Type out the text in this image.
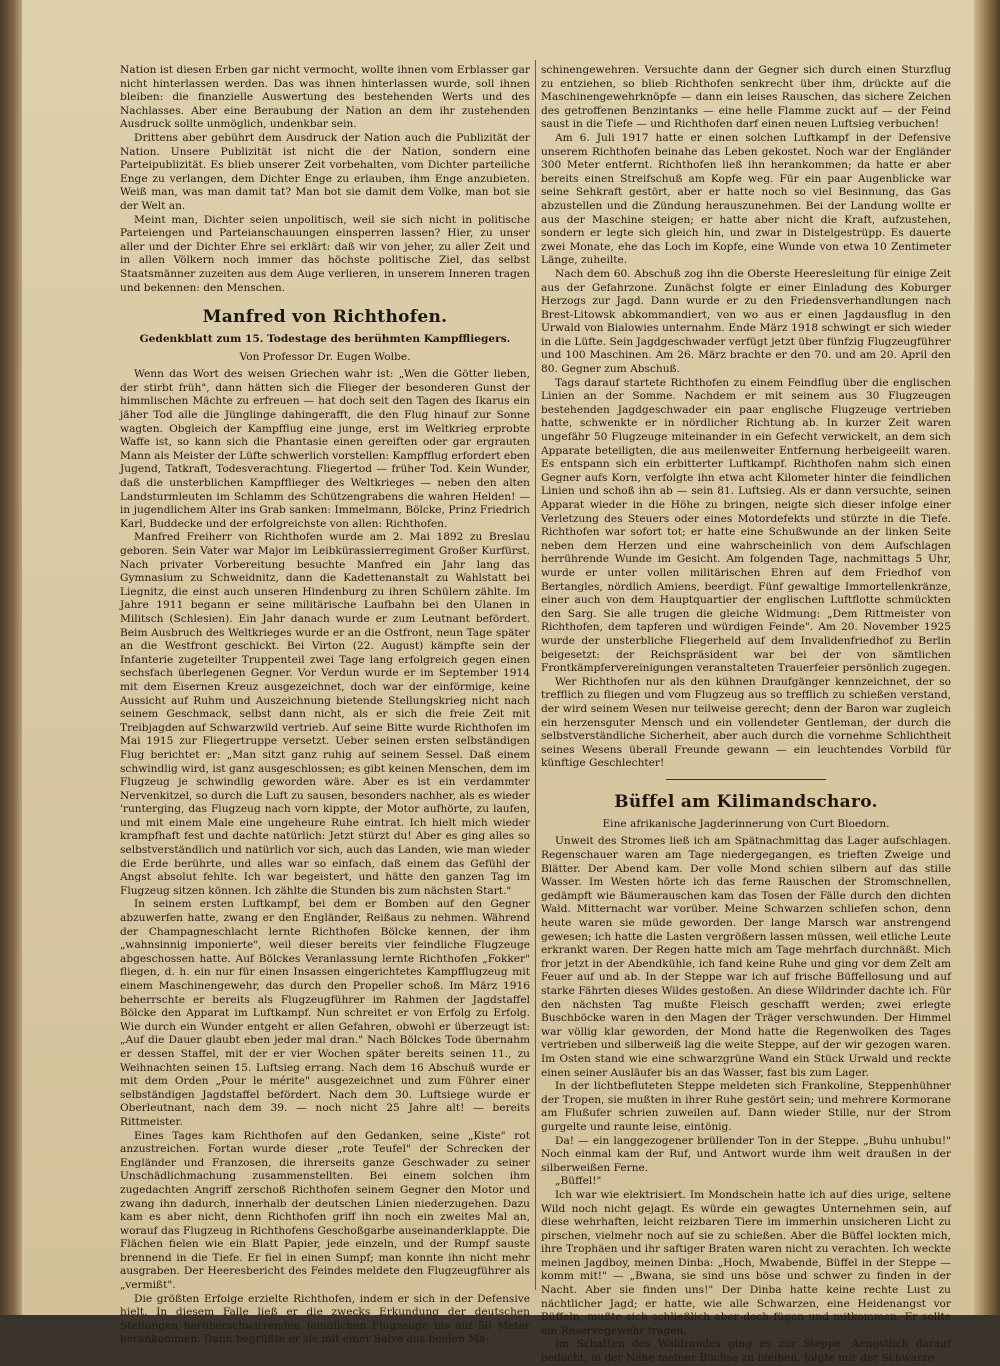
Nation ist diesen Erben gar nicht vermocht, wollte ihnen vom Erblasser gar nicht hinterlassen werden. Das was ihnen hinterlassen wurde, soll ihnen bleiben: die finanzielle Auswertung des bestehenden Werts und des Nachlasses. Aber eine Beraubung der Nation an dem ihr zustehenden Ausdruck sollte unmöglich, undenkbar sein.

Drittens aber gebührt dem Ausdruck der Nation auch die Publizität der Nation. Unsere Publizität ist nicht die der Nation, sondern eine Parteipublizität. Es blieb unserer Zeit vorbehalten, vom Dichter parteiliche Enge zu verlangen, dem Dichter Enge zu erlauben, ihm Enge anzubieten. Weiß man, was man damit tat? Man bot sie damit dem Volke, man bot sie der Welt an.

Meint man, Dichter seien unpolitisch, weil sie sich nicht in politische Parteiengen und Parteianschauungen einsperren lassen? Hier, zu unser aller und der Dichter Ehre sei erklärt: daß wir von jeher, zu aller Zeit und in allen Völkern noch immer das höchste politische Ziel, das selbst Staatsmänner zuzeiten aus dem Auge verlieren, in unserem Inneren tragen und bekennen: den Menschen.

Manfred von Richthofen.

Gedenkblatt zum 15. Todestage des berühmten Kampffliegers.

Von Professor Dr. Eugen Wolbe.

Wenn das Wort des weisen Griechen wahr ist: „Wen die Götter lieben, der stirbt früh", dann hätten sich die Flieger der besonderen Gunst der himmlischen Mächte zu erfreuen — hat doch seit den Tagen des Ikarus ein jäher Tod alle die Jünglinge dahingerafft, die den Flug hinauf zur Sonne wagten. Obgleich der Kampfflug eine junge, erst im Weltkrieg erprobte Waffe ist, so kann sich die Phantasie einen gereiften oder gar ergrauten Mann als Meister der Lüfte schwerlich vorstellen: Kampfflug erfordert eben Jugend, Tatkraft, Todesverachtung. Fliegertod — früher Tod. Kein Wunder, daß die unsterblichen Kampfflieger des Weltkrieges — neben den alten Landsturmleuten im Schlamm des Schützengrabens die wahren Helden! — in jugendlichem Alter ins Grab sanken: Immelmann, Bölcke, Prinz Friedrich Karl, Buddecke und der erfolgreichste von allen: Richthofen.

Manfred Freiherr von Richthofen wurde am 2. Mai 1892 zu Breslau geboren. Sein Vater war Major im Leibkürassierregiment Großer Kurfürst. Nach privater Vorbereitung besuchte Manfred ein Jahr lang das Gymnasium zu Schweidnitz, dann die Kadettenanstalt zu Wahlstatt bei Liegnitz, die einst auch unseren Hindenburg zu ihren Schülern zählte. Im Jahre 1911 begann er seine militärische Laufbahn bei den Ulanen in Militsch (Schlesien). Ein Jahr danach wurde er zum Leutnant befördert. Beim Ausbruch des Weltkrieges wurde er an die Ostfront, neun Tage später an die Westfront geschickt. Bei Virton (22. August) kämpfte sein der Infanterie zugeteilter Truppenteil zwei Tage lang erfolgreich gegen einen sechsfach überlegenen Gegner. Vor Verdun wurde er im September 1914 mit dem Eisernen Kreuz ausgezeichnet, doch war der einförmige, keine Aussicht auf Ruhm und Auszeichnung bietende Stellungskrieg nicht nach seinem Geschmack, selbst dann nicht, als er sich die freie Zeit mit Treibjagden auf Schwarzwild vertrieb. Auf seine Bitte wurde Richthofen im Mai 1915 zur Fliegertruppe versetzt. Ueber seinen ersten selbständigen Flug berichtet er: „Man sitzt ganz ruhig auf seinem Sessel. Daß einem schwindlig wird, ist ganz ausgeschlossen; es gibt keinen Menschen, dem im Flugzeug je schwindlig geworden wäre. Aber es ist ein verdammter Nervenkitzel, so durch die Luft zu sausen, besonders nachher, als es wieder 'runterging, das Flugzeug nach vorn kippte, der Motor aufhörte, zu laufen, und mit einem Male eine ungeheure Ruhe eintrat. Ich hielt mich wieder krampfhaft fest und dachte natürlich: Jetzt stürzt du! Aber es ging alles so selbstverständlich und natürlich vor sich, auch das Landen, wie man wieder die Erde berührte, und alles war so einfach, daß einem das Gefühl der Angst absolut fehlte. Ich war begeistert, und hätte den ganzen Tag im Flugzeug sitzen können. Ich zählte die Stunden bis zum nächsten Start."

In seinem ersten Luftkampf, bei dem er Bomben auf den Gegner abzuwerfen hatte, zwang er den Engländer, Reißaus zu nehmen. Während der Champagneschlacht lernte Richthofen Bölcke kennen, der ihm „wahnsinnig imponierte", weil dieser bereits vier feindliche Flugzeuge abgeschossen hatte. Auf Bölckes Veranlassung lernte Richthofen „Fokker" fliegen, d. h. ein nur für einen Insassen eingerichtetes Kampfflugzeug mit einem Maschinengewehr, das durch den Propeller schoß. Im März 1916 beherrschte er bereits als Flugzeugführer im Rahmen der Jagdstaffel Bölcke den Apparat im Luftkampf. Nun schreitet er von Erfolg zu Erfolg. Wie durch ein Wunder entgeht er allen Gefahren, obwohl er überzeugt ist: „Auf die Dauer glaubt eben jeder mal dran." Nach Bölckes Tode übernahm er dessen Staffel, mit der er vier Wochen später bereits seinen 11., zu Weihnachten seinen 15. Luftsieg errang. Nach dem 16 Abschuß wurde er mit dem Orden „Pour le mérite" ausgezeichnet und zum Führer einer selbständigen Jagdstaffel befördert. Nach dem 30. Luftsiege wurde er Oberleutnant, nach dem 39. — noch nicht 25 Jahre alt! — bereits Rittmeister.

Eines Tages kam Richthofen auf den Gedanken, seine „Kiste" rot anzustreichen. Fortan wurde dieser „rote Teufel" der Schrecken der Engländer und Franzosen, die ihrerseits ganze Geschwader zu seiner Unschädlichmachung zusammenstellten. Bei einem solchen ihm zugedachten Angriff zerschoß Richthofen seinem Gegner den Motor und zwang ihn dadurch, innerhalb der deutschen Linien niederzugehen. Dazu kam es aber nicht, denn Richthofen griff ihn noch ein zweites Mal an, worauf das Flugzeug in Richthofens Geschoßgarbe auseinanderklappte. Die Flächen fielen wie ein Blatt Papier, jede einzeln, und der Rumpf sauste brennend in die Tiefe. Er fiel in einen Sumpf; man konnte ihn nicht mehr ausgraben. Der Heeresbericht des Feindes meldete den Flugzeugführer als „vermißt".

Die größten Erfolge erzielte Richthofen, indem er sich in der Defensive hielt. In diesem Falle ließ er die zwecks Erkundung der deutschen Stellungen herüberschwirrenden feindlichen Flugzeuge bis auf 50 Meter herankommen. Dann begrüßte er sie mit einer Salve aus beiden Ma-

schinengewehren. Versuchte dann der Gegner sich durch einen Sturzflug zu entziehen, so blieb Richthofen senkrecht über ihm, drückte auf die Maschinengewehrknöpfe — dann ein leises Rauschen, das sichere Zeichen des getroffenen Benzintanks — eine helle Flamme zuckt auf — der Feind saust in die Tiefe — und Richthofen darf einen neuen Luftsieg verbuchen!

Am 6. Juli 1917 hatte er einen solchen Luftkampf in der Defensive unserem Richthofen beinahe das Leben gekostet. Noch war der Engländer 300 Meter entfernt. Richthofen ließ ihn herankommen; da hatte er aber bereits einen Streifschuß am Kopfe weg. Für ein paar Augenblicke war seine Sehkraft gestört, aber er hatte noch so viel Besinnung, das Gas abzustellen und die Zündung herauszunehmen. Bei der Landung wollte er aus der Maschine steigen; er hatte aber nicht die Kraft, aufzustehen, sondern er legte sich gleich hin, und zwar in Distelgestrüpp. Es dauerte zwei Monate, ehe das Loch im Kopfe, eine Wunde von etwa 10 Zentimeter Länge, zuheilte.

Nach dem 60. Abschuß zog ihn die Oberste Heeresleitung für einige Zeit aus der Gefahrzone. Zunächst folgte er einer Einladung des Koburger Herzogs zur Jagd. Dann wurde er zu den Friedensverhandlungen nach Brest-Litowsk abkommandiert, von wo aus er einen Jagdausflug in den Urwald von Bialowies unternahm. Ende März 1918 schwingt er sich wieder in die Lüfte. Sein Jagdgeschwader verfügt jetzt über fünfzig Flugzeugführer und 100 Maschinen. Am 26. März brachte er den 70. und am 20. April den 80. Gegner zum Abschuß.

Tags darauf startete Richthofen zu einem Feindflug über die englischen Linien an der Somme. Nachdem er mit seinem aus 30 Flugzeugen bestehenden Jagdgeschwader ein paar englische Flugzeuge vertrieben hatte, schwenkte er in nördlicher Richtung ab. In kurzer Zeit waren ungefähr 50 Flugzeuge miteinander in ein Gefecht verwickelt, an dem sich Apparate beteiligten, die aus meilenweiter Entfernung herbeigeeilt waren. Es entspann sich ein erbitterter Luftkampf. Richthofen nahm sich einen Gegner aufs Korn, verfolgte ihn etwa acht Kilometer hinter die feindlichen Linien und schoß ihn ab — sein 81. Luftsieg. Als er dann versuchte, seinen Apparat wieder in die Höhe zu bringen, neigte sich dieser infolge einer Verletzung des Steuers oder eines Motordefekts und stürzte in die Tiefe. Richthofen war sofort tot; er hatte eine Schußwunde an der linken Seite neben dem Herzen und eine wahrscheinlich von dem Aufschlagen herrührende Wunde im Gesicht. Am folgenden Tage, nachmittags 5 Uhr, wurde er unter vollen militärischen Ehren auf dem Friedhof von Bertangles, nördlich Amiens, beerdigt. Fünf gewaltige Immortellenkränze, einer auch von dem Hauptquartier der englischen Luftflotte schmückten den Sarg. Sie alle trugen die gleiche Widmung: „Dem Rittmeister von Richthofen, dem tapferen und würdigen Feinde". Am 20. November 1925 wurde der unsterbliche Fliegerheld auf dem Invalidenfriedhof zu Berlin beigesetzt: der Reichspräsident war bei der von sämtlichen Frontkämpfervereinigungen veranstalteten Trauerfeier persönlich zugegen.

Wer Richthofen nur als den kühnen Draufgänger kennzeichnet, der so trefflich zu fliegen und vom Flugzeug aus so trefflich zu schießen verstand, der wird seinem Wesen nur teilweise gerecht; denn der Baron war zugleich ein herzensguter Mensch und ein vollendeter Gentleman, der durch die selbstverständliche Sicherheit, aber auch durch die vornehme Schlichtheit seines Wesens überall Freunde gewann — ein leuchtendes Vorbild für künftige Geschlechter!

Büffel am Kilimandscharo.

Eine afrikanische Jagderinnerung von Curt Bloedorn.

Unweit des Stromes ließ ich am Spätnachmittag das Lager aufschlagen. Regenschauer waren am Tage niedergegangen, es trieften Zweige und Blätter. Der Abend kam. Der volle Mond schien silbern auf das stille Wasser. Im Westen hörte ich das ferne Rauschen der Stromschnellen, gedämpft wie Bäumerauschen kam das Tosen der Fälle durch den dichten Wald. Mitternacht war vorüber. Meine Schwarzen schliefen schon, denn heute waren sie müde geworden. Der lange Marsch war anstrengend gewesen; ich hatte die Lasten vergrößern lassen müssen, weil etliche Leute erkrankt waren. Der Regen hatte mich am Tage mehrfach durchnäßt. Mich fror jetzt in der Abendkühle, ich fand keine Ruhe und ging vor dem Zelt am Feuer auf und ab. In der Steppe war ich auf frische Büffellosung und auf starke Fährten dieses Wildes gestoßen. An diese Wildrinder dachte ich. Für den nächsten Tag mußte Fleisch geschafft werden; zwei erlegte Buschböcke waren in den Magen der Träger verschwunden. Der Himmel war völlig klar geworden, der Mond hatte die Regenwolken des Tages vertrieben und silberweiß lag die weite Steppe, auf der wir gezogen waren. Im Osten stand wie eine schwarzgrüne Wand ein Stück Urwald und reckte einen seiner Ausläufer bis an das Wasser, fast bis zum Lager.

In der lichtbefluteten Steppe meldeten sich Frankoline, Steppenhühner der Tropen, sie mußten in ihrer Ruhe gestört sein; und mehrere Kormorane am Flußufer schrien zuweilen auf. Dann wieder Stille, nur der Strom gurgelte und raunte leise, eintönig.

Da! — ein langgezogener brüllender Ton in der Steppe. „Buhu unhubu!" Noch einmal kam der Ruf, und Antwort wurde ihm weit draußen in der silberweißen Ferne.

„Büffel!"

Ich war wie elektrisiert. Im Mondschein hatte ich auf dies urige, seltene Wild noch nicht gejagt. Es würde ein gewagtes Unternehmen sein, auf diese wehrhaften, leicht reizbaren Tiere im immerhin unsicheren Licht zu pirschen, vielmehr noch auf sie zu schießen. Aber die Büffel lockten mich, ihre Trophäen und ihr saftiger Braten waren nicht zu verachten. Ich weckte meinen Jagdboy, meinen Dinba: „Hoch, Mwabende, Büffel in der Steppe — komm mit!" — „Bwana, sie sind uns böse und schwer zu finden in der Nacht. Aber sie finden uns!" Der Dinba hatte keine rechte Lust zu nächtlicher Jagd; er hatte, wie alle Schwarzen, eine Heidenangst vor Büffeln, mußte sich schließlich aber doch fügen und mitkommen. Er sollte ein Reservegewehr tragen.

Im Schatten des Waldrandes ging es zur Steppe. Aengstlich darauf bedacht, in der Nähe meiner Büchse zu bleiben, folgte mir der Schwarze
